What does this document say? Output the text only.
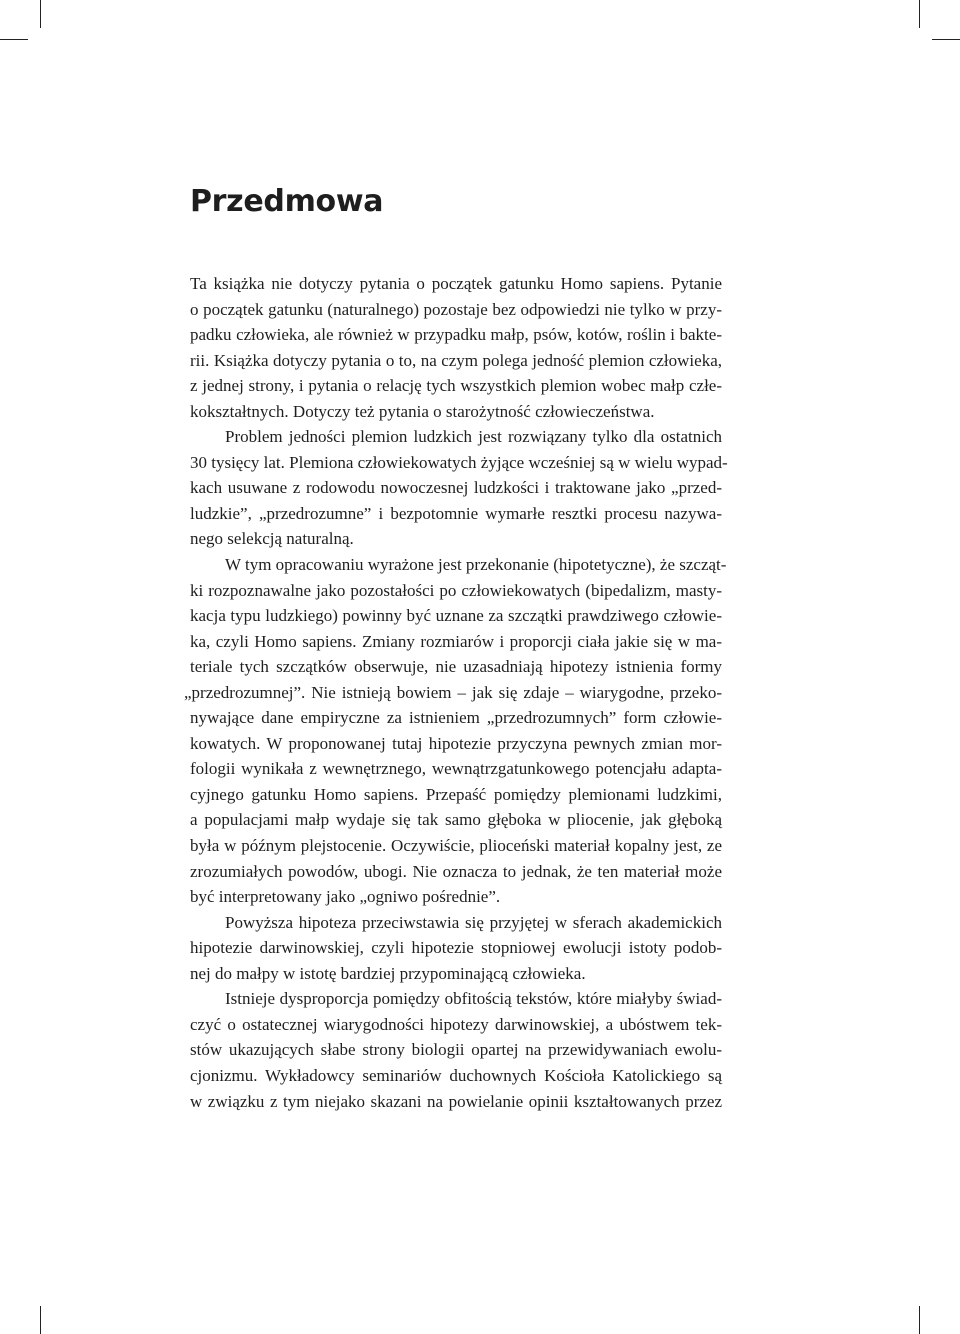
Przedmowa
Ta książka nie dotyczy pytania o początek gatunku Homo sapiens. Pytanie
o początek gatunku (naturalnego) pozostaje bez odpowiedzi nie tylko w przy-
padku człowieka, ale również w przypadku małp, psów, kotów, roślin i bakte-
rii. Książka dotyczy pytania o to, na czym polega jedność plemion człowieka,
z jednej strony, i pytania o relację tych wszystkich plemion wobec małp człe-
kokształtnych. Dotyczy też pytania o starożytność człowieczeństwa.
Problem jedności plemion ludzkich jest rozwiązany tylko dla ostatnich
30 tysięcy lat. Plemiona człowiekowatych żyjące wcześniej są w wielu wypad-
kach usuwane z rodowodu nowoczesnej ludzkości i traktowane jako „przed-
ludzkie”, „przedrozumne” i bezpotomnie wymarłe resztki procesu nazywa-
nego selekcją naturalną.
W tym opracowaniu wyrażone jest przekonanie (hipotetyczne), że szcząt-
ki rozpoznawalne jako pozostałości po człowiekowatych (bipedalizm, masty-
kacja typu ludzkiego) powinny być uznane za szczątki prawdziwego człowie-
ka, czyli Homo sapiens. Zmiany rozmiarów i proporcji ciała jakie się w ma-
teriale tych szczątków obserwuje, nie uzasadniają hipotezy istnienia formy
„przedrozumnej”. Nie istnieją bowiem – jak się zdaje – wiarygodne, przeko-
nywające dane empiryczne za istnieniem „przedrozumnych” form człowie-
kowatych. W proponowanej tutaj hipotezie przyczyna pewnych zmian mor-
fologii wynikała z wewnętrznego, wewnątrzgatunkowego potencjału adapta-
cyjnego gatunku Homo sapiens. Przepaść pomiędzy plemionami ludzkimi,
a populacjami małp wydaje się tak samo głęboka w pliocenie, jak głęboką
była w późnym plejstocenie. Oczywiście, plioceński materiał kopalny jest, ze
zrozumiałych powodów, ubogi. Nie oznacza to jednak, że ten materiał może
być interpretowany jako „ogniwo pośrednie”.
Powyższa hipoteza przeciwstawia się przyjętej w sferach akademickich
hipotezie darwinowskiej, czyli hipotezie stopniowej ewolucji istoty podob-
nej do małpy w istotę bardziej przypominającą człowieka.
Istnieje dysproporcja pomiędzy obfitością tekstów, które miałyby świad-
czyć o ostatecznej wiarygodności hipotezy darwinowskiej, a ubóstwem tek-
stów ukazujących słabe strony biologii opartej na przewidywaniach ewolu-
cjonizmu. Wykładowcy seminariów duchownych Kościoła Katolickiego są
w związku z tym niejako skazani na powielanie opinii kształtowanych przez
